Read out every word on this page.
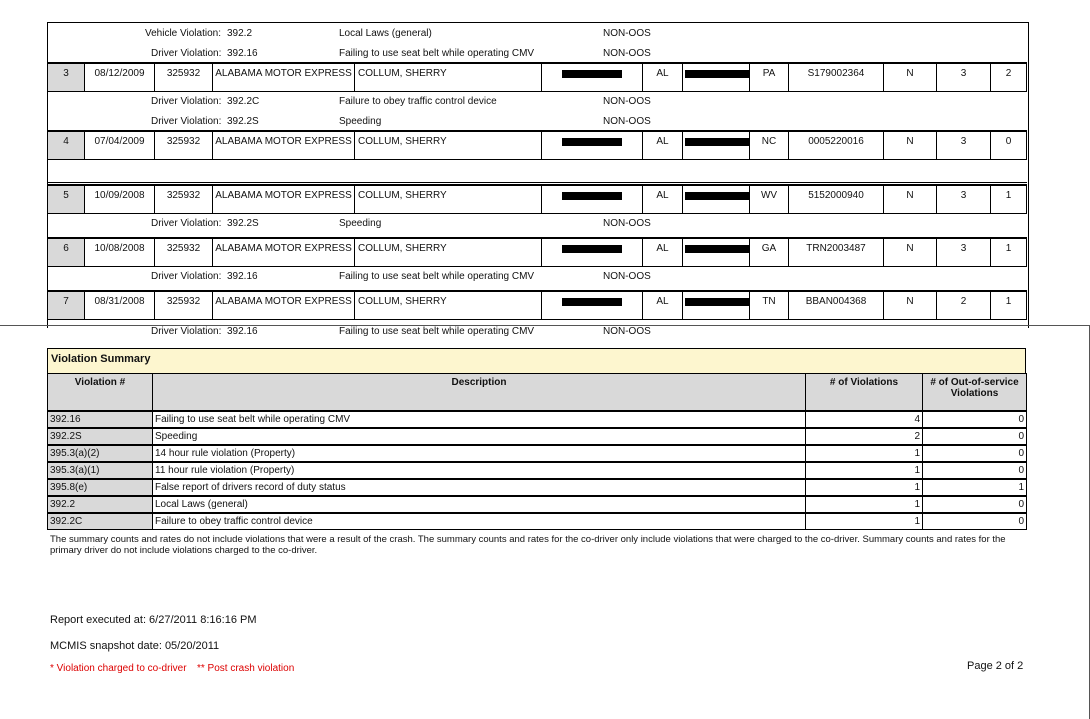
Vehicle Violation: 392.2	Local Laws (general)	NON-OOS
Driver Violation: 392.16	Failing to use seat belt while operating CMV	NON-OOS
3	08/12/2009	325932	ALABAMA MOTOR EXPRESS COLLUM, SHERRY	AL	PA	S179002364	N	3	2
Driver Violation: 392.2C	Failure to obey traffic control device	NON-OOS
Driver Violation: 392.2S	Speeding	NON-OOS
4	07/04/2009	325932	ALABAMA MOTOR EXPRESS COLLUM, SHERRY	AL	NC	0005220016	N	3	0
5	10/09/2008	325932	ALABAMA MOTOR EXPRESS COLLUM, SHERRY	AL	WV	5152000940	N	3	1
Driver Violation: 392.2S	Speeding	NON-OOS
6	10/08/2008	325932	ALABAMA MOTOR EXPRESS COLLUM, SHERRY	AL	GA	TRN2003487	N	3	1
Driver Violation: 392.16	Failing to use seat belt while operating CMV	NON-OOS
7	08/31/2008	325932	ALABAMA MOTOR EXPRESS COLLUM, SHERRY	AL	TN	BBAN004368	N	2	1
Driver Violation: 392.16	Failing to use seat belt while operating CMV	NON-OOS
Violation Summary
Violation #	Description	# of Violations	# of Out-of-service Violations
392.16	Failing to use seat belt while operating CMV	4	0
392.2S	Speeding	2	0
395.3(a)(2)	14 hour rule violation (Property)	1	0
395.3(a)(1)	11 hour rule violation (Property)	1	0
395.8(e)	False report of drivers record of duty status	1	1
392.2	Local Laws (general)	1	0
392.2C	Failure to obey traffic control device	1	0
The summary counts and rates do not include violations that were a result of the crash. The summary counts and rates for the co-driver only include violations that were charged to the co-driver. Summary counts and rates for the primary driver do not include violations charged to the co-driver.
Report executed at: 6/27/2011 8:16:16 PM
MCMIS snapshot date: 05/20/2011
* Violation charged to co-driver ** Post crash violation	Page 2 of 2
